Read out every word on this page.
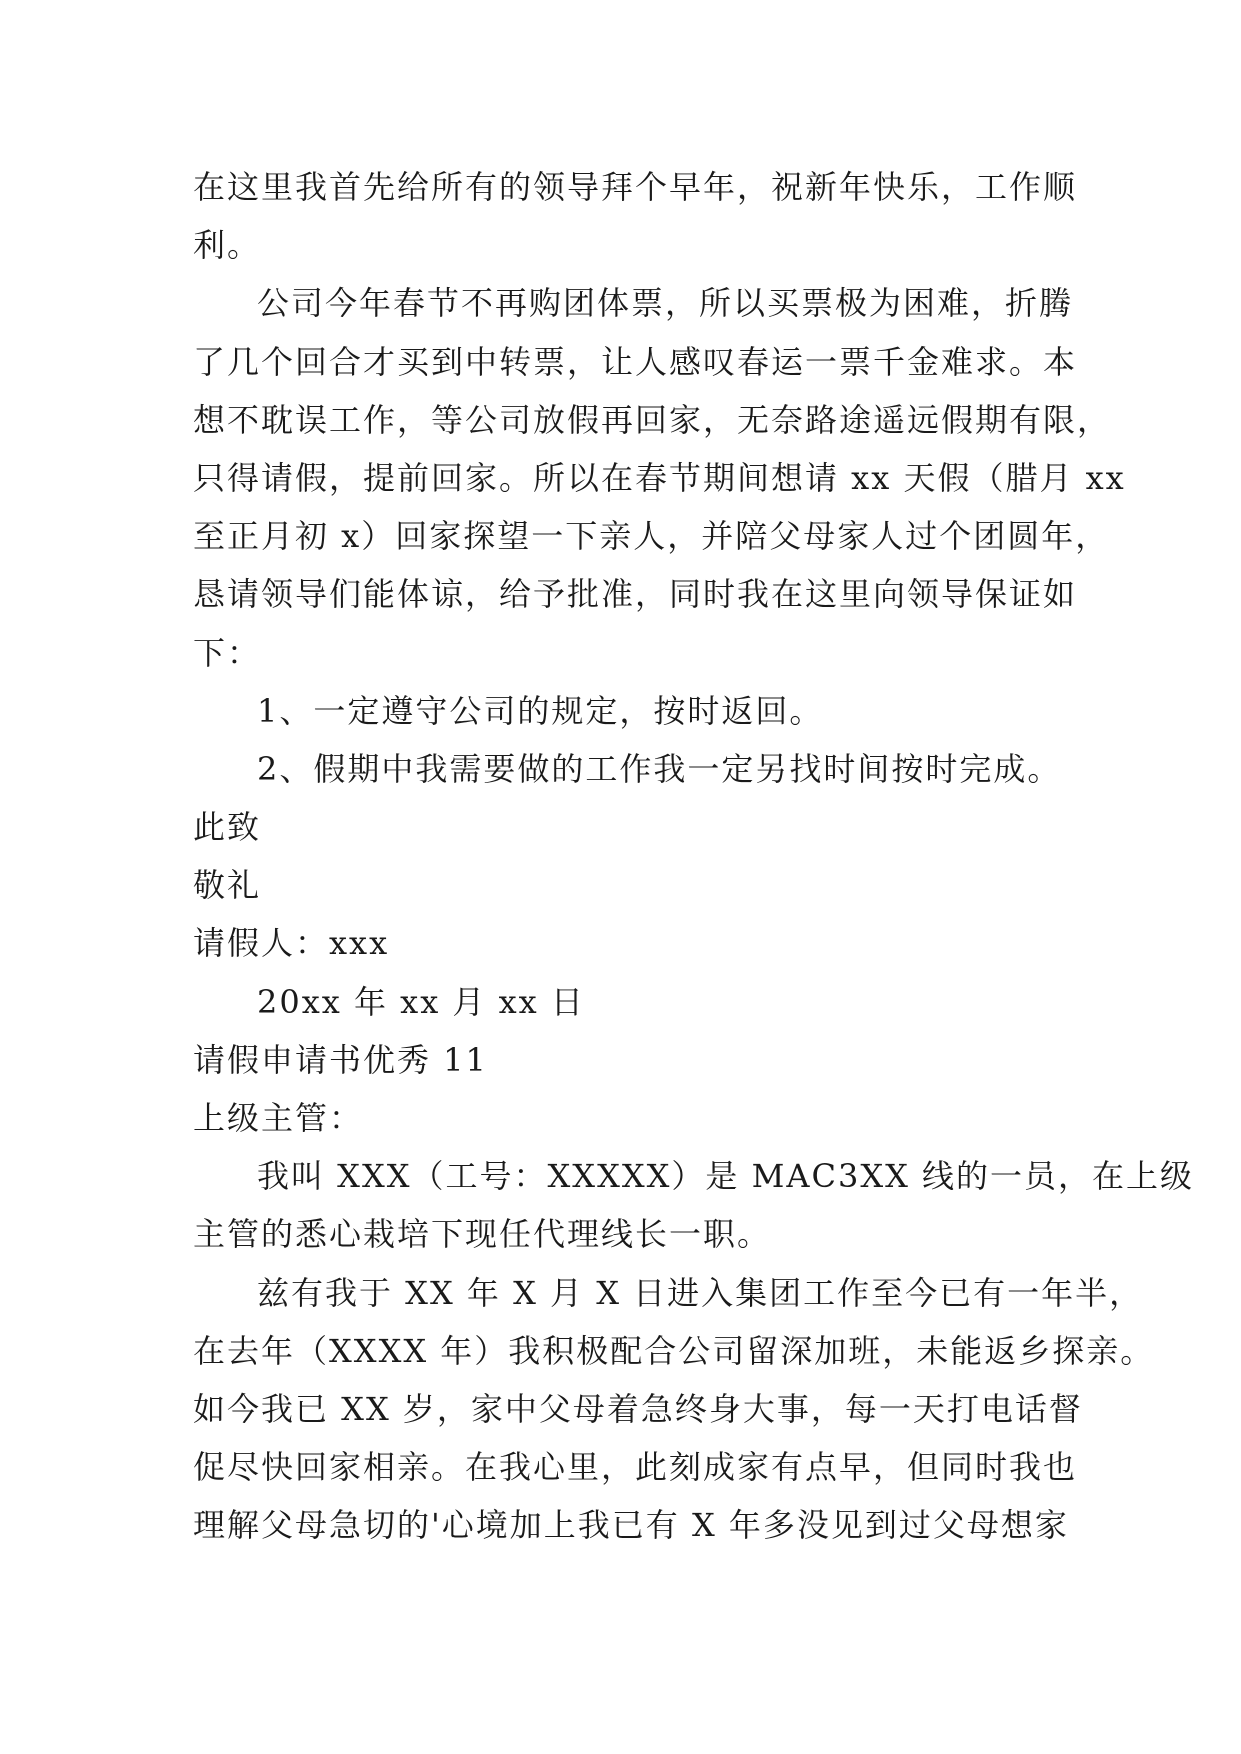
在这里我首先给所有的领导拜个早年，祝新年快乐，工作顺
利。
公司今年春节不再购团体票，所以买票极为困难，折腾
了几个回合才买到中转票，让人感叹春运一票千金难求。本
想不耽误工作，等公司放假再回家，无奈路途遥远假期有限，
只得请假，提前回家。所以在春节期间想请 xx 天假（腊月 xx
至正月初 x）回家探望一下亲人，并陪父母家人过个团圆年，
恳请领导们能体谅，给予批准，同时我在这里向领导保证如
下：
1、一定遵守公司的规定，按时返回。
2、假期中我需要做的工作我一定另找时间按时完成。
此致
敬礼
请假人：xxx
20xx 年 xx 月 xx 日
请假申请书优秀 11
上级主管：
我叫 XXX（工号：XXXXX）是 MAC3XX 线的一员，在上级
主管的悉心栽培下现任代理线长一职。
兹有我于 XX 年 X 月 X 日进入集团工作至今已有一年半，
在去年（XXXX 年）我积极配合公司留深加班，未能返乡探亲。
如今我已 XX 岁，家中父母着急终身大事，每一天打电话督
促尽快回家相亲。在我心里，此刻成家有点早，但同时我也
理解父母急切的'心境加上我已有 X 年多没见到过父母想家
